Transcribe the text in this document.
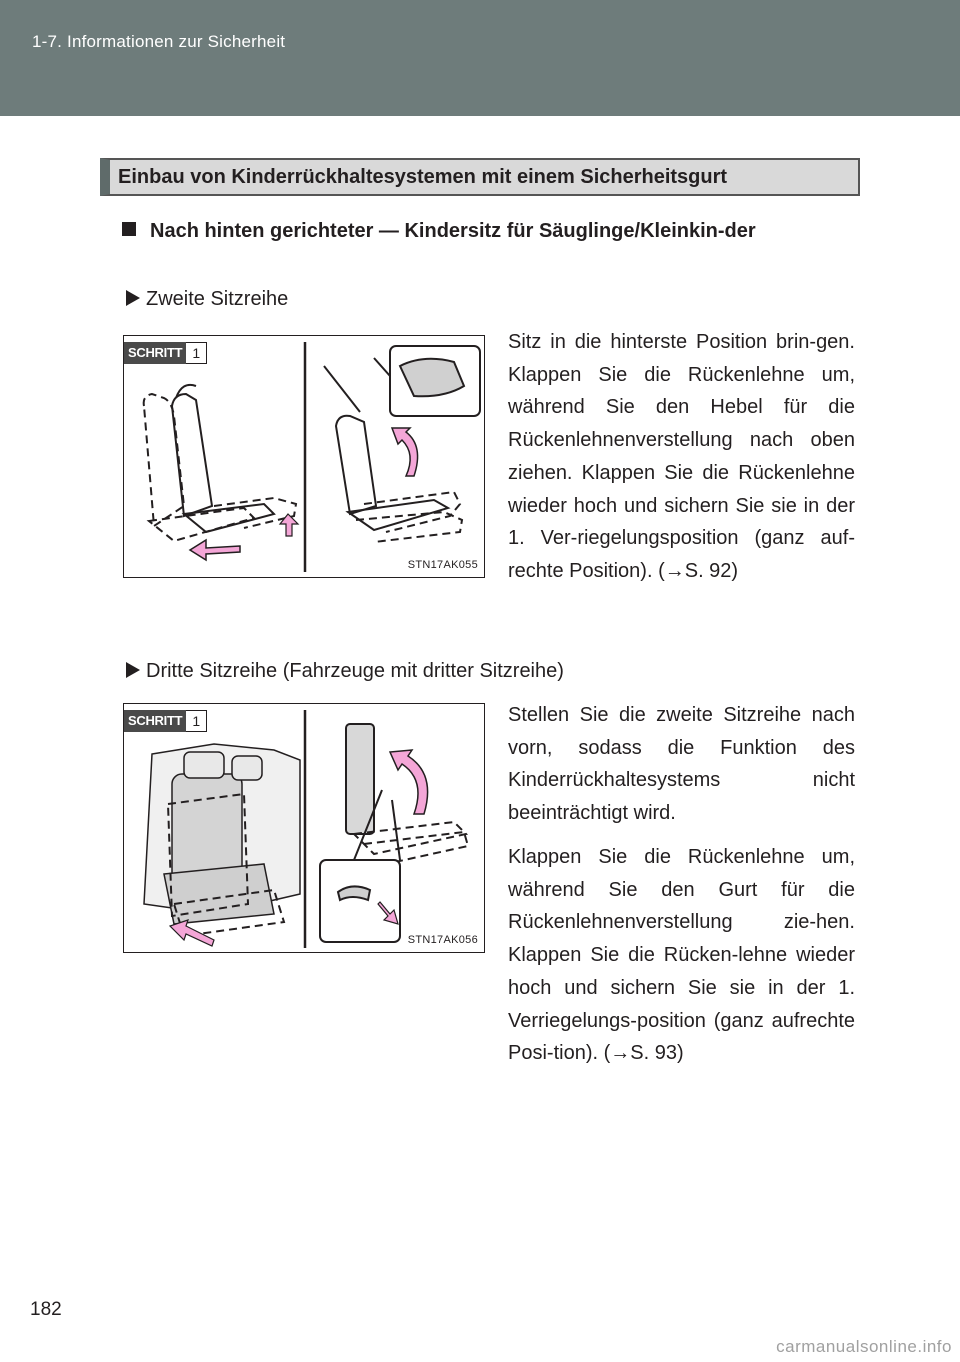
1-7. Informationen zur Sicherheit
Einbau von Kinderrückhaltesystemen mit einem Sicherheitsgurt
Nach hinten gerichteter — Kindersitz für Säuglinge/Kleinkin-der
Zweite Sitzreihe
SCHRITT 1
STN17AK055
Sitz in die hinterste Position brin-gen. Klappen Sie die Rückenlehne um, während Sie den Hebel für die Rückenlehnenverstellung nach oben ziehen. Klappen Sie die Rückenlehne wieder hoch und sichern Sie sie in der 1. Ver-riegelungsposition (ganz auf-rechte Position). (→S. 92)
Dritte Sitzreihe (Fahrzeuge mit dritter Sitzreihe)
SCHRITT 1
STN17AK056
Stellen Sie die zweite Sitzreihe nach vorn, sodass die Funktion des Kinderrückhaltesystems nicht beeinträchtigt wird.
Klappen Sie die Rückenlehne um, während Sie den Gurt für die Rückenlehnenverstellung zie-hen. Klappen Sie die Rücken-lehne wieder hoch und sichern Sie sie in der 1. Verriegelungs-position (ganz aufrechte Posi-tion). (→S. 93)
182
carmanualsonline.info
